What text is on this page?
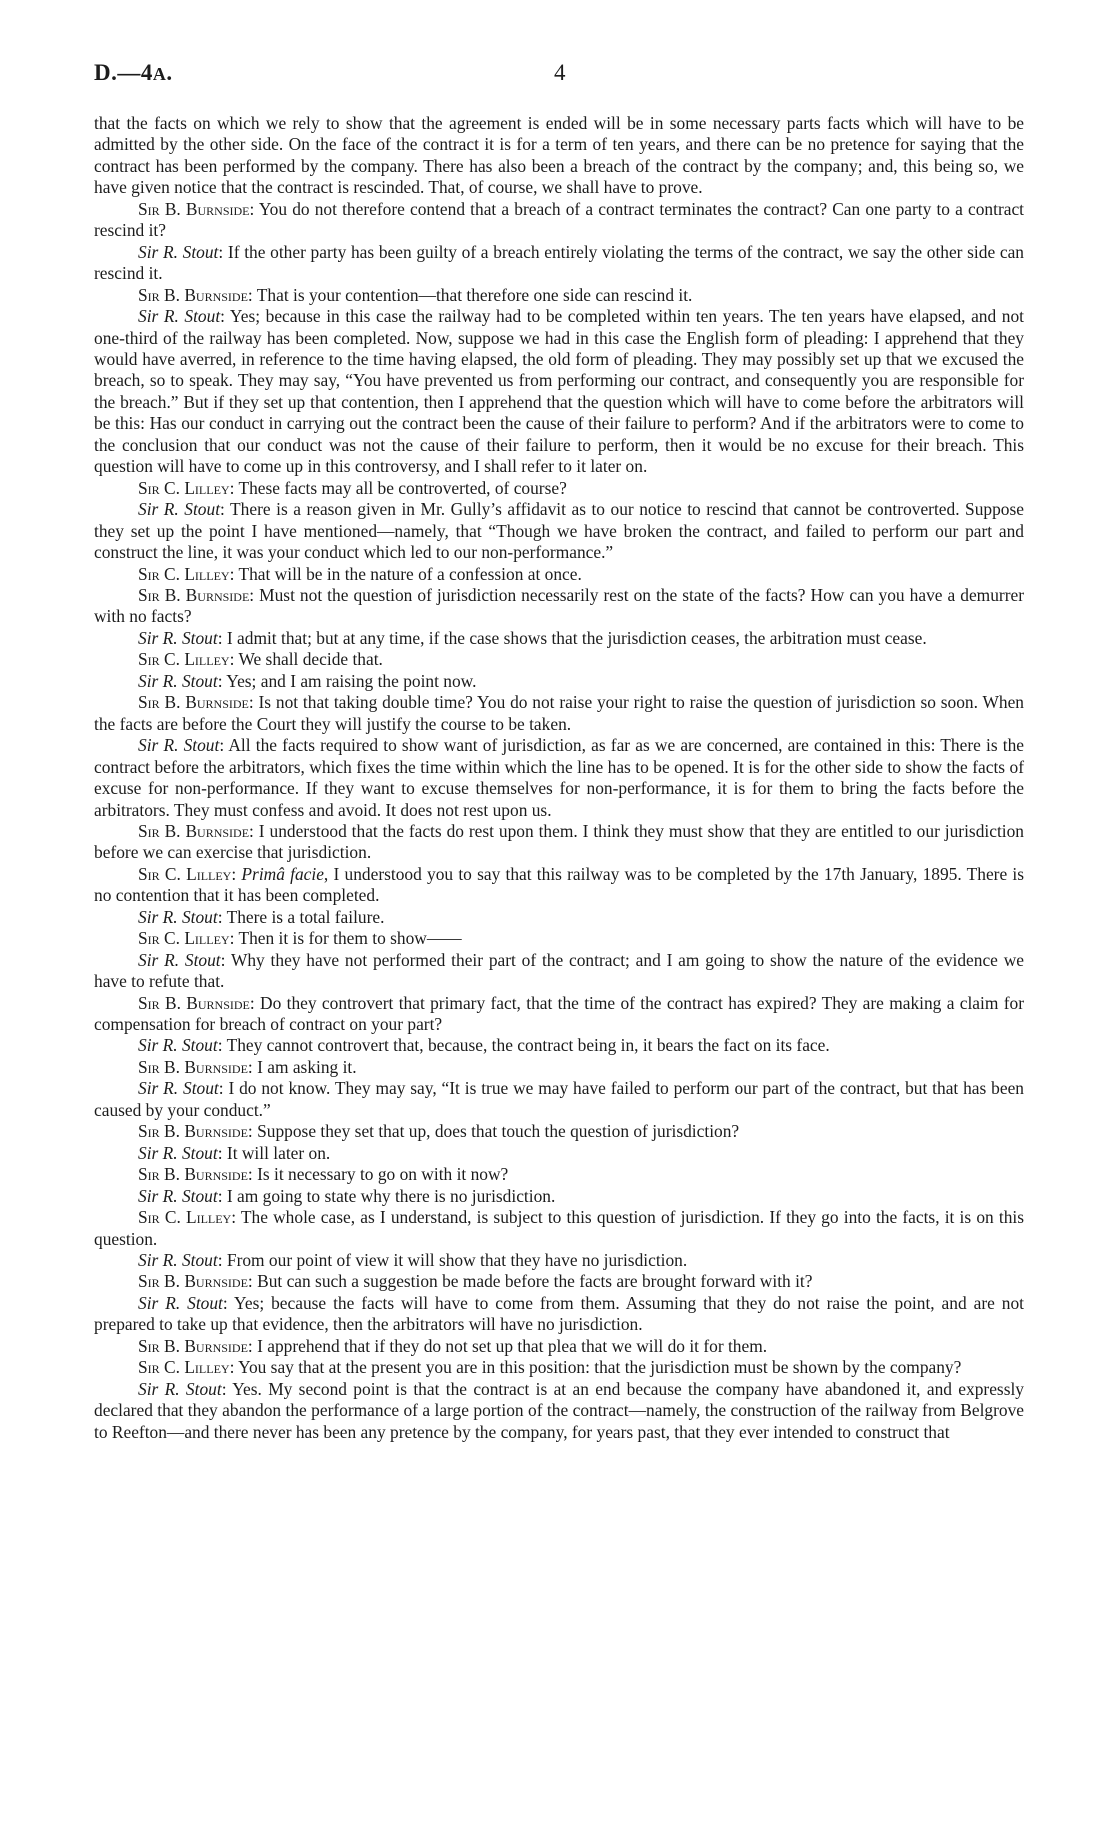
D.—4A.	4

that the facts on which we rely to show that the agreement is ended will be in some necessary parts facts which will have to be admitted by the other side. On the face of the contract it is for a term of ten years, and there can be no pretence for saying that the contract has been performed by the company. There has also been a breach of the contract by the company; and, this being so, we have given notice that the contract is rescinded. That, of course, we shall have to prove.

Sir B. Burnside: You do not therefore contend that a breach of a contract terminates the contract? Can one party to a contract rescind it?

Sir R. Stout: If the other party has been guilty of a breach entirely violating the terms of the contract, we say the other side can rescind it.

Sir B. Burnside: That is your contention—that therefore one side can rescind it.

Sir R. Stout: Yes; because in this case the railway had to be completed within ten years. The ten years have elapsed, and not one-third of the railway has been completed. Now, suppose we had in this case the English form of pleading: I apprehend that they would have averred, in reference to the time having elapsed, the old form of pleading. They may possibly set up that we excused the breach, so to speak. They may say, “You have prevented us from performing our contract, and consequently you are responsible for the breach.” But if they set up that contention, then I apprehend that the question which will have to come before the arbitrators will be this: Has our conduct in carrying out the contract been the cause of their failure to perform? And if the arbitrators were to come to the conclusion that our conduct was not the cause of their failure to perform, then it would be no excuse for their breach. This question will have to come up in this controversy, and I shall refer to it later on.

Sir C. Lilley: These facts may all be controverted, of course?

Sir R. Stout: There is a reason given in Mr. Gully’s affidavit as to our notice to rescind that cannot be controverted. Suppose they set up the point I have mentioned—namely, that “Though we have broken the contract, and failed to perform our part and construct the line, it was your conduct which led to our non-performance.”

Sir C. Lilley: That will be in the nature of a confession at once.

Sir B. Burnside: Must not the question of jurisdiction necessarily rest on the state of the facts? How can you have a demurrer with no facts?

Sir R. Stout: I admit that; but at any time, if the case shows that the jurisdiction ceases, the arbitration must cease.

Sir C. Lilley: We shall decide that.

Sir R. Stout: Yes; and I am raising the point now.

Sir B. Burnside: Is not that taking double time? You do not raise your right to raise the question of jurisdiction so soon. When the facts are before the Court they will justify the course to be taken.

Sir R. Stout: All the facts required to show want of jurisdiction, as far as we are concerned, are contained in this: There is the contract before the arbitrators, which fixes the time within which the line has to be opened. It is for the other side to show the facts of excuse for non-performance. If they want to excuse themselves for non-performance, it is for them to bring the facts before the arbitrators. They must confess and avoid. It does not rest upon us.

Sir B. Burnside: I understood that the facts do rest upon them. I think they must show that they are entitled to our jurisdiction before we can exercise that jurisdiction.

Sir C. Lilley: Primâ facie, I understood you to say that this railway was to be completed by the 17th January, 1895. There is no contention that it has been completed.

Sir R. Stout: There is a total failure.

Sir C. Lilley: Then it is for them to show——

Sir R. Stout: Why they have not performed their part of the contract; and I am going to show the nature of the evidence we have to refute that.

Sir B. Burnside: Do they controvert that primary fact, that the time of the contract has expired? They are making a claim for compensation for breach of contract on your part?

Sir R. Stout: They cannot controvert that, because, the contract being in, it bears the fact on its face.

Sir B. Burnside: I am asking it.

Sir R. Stout: I do not know. They may say, “It is true we may have failed to perform our part of the contract, but that has been caused by your conduct.”

Sir B. Burnside: Suppose they set that up, does that touch the question of jurisdiction?

Sir R. Stout: It will later on.

Sir B. Burnside: Is it necessary to go on with it now?

Sir R. Stout: I am going to state why there is no jurisdiction.

Sir C. Lilley: The whole case, as I understand, is subject to this question of jurisdiction. If they go into the facts, it is on this question.

Sir R. Stout: From our point of view it will show that they have no jurisdiction.

Sir B. Burnside: But can such a suggestion be made before the facts are brought forward with it?

Sir R. Stout: Yes; because the facts will have to come from them. Assuming that they do not raise the point, and are not prepared to take up that evidence, then the arbitrators will have no jurisdiction.

Sir B. Burnside: I apprehend that if they do not set up that plea that we will do it for them.

Sir C. Lilley: You say that at the present you are in this position: that the jurisdiction must be shown by the company?

Sir R. Stout: Yes. My second point is that the contract is at an end because the company have abandoned it, and expressly declared that they abandon the performance of a large portion of the contract—namely, the construction of the railway from Belgrove to Reefton—and there never has been any pretence by the company, for years past, that they ever intended to construct that
